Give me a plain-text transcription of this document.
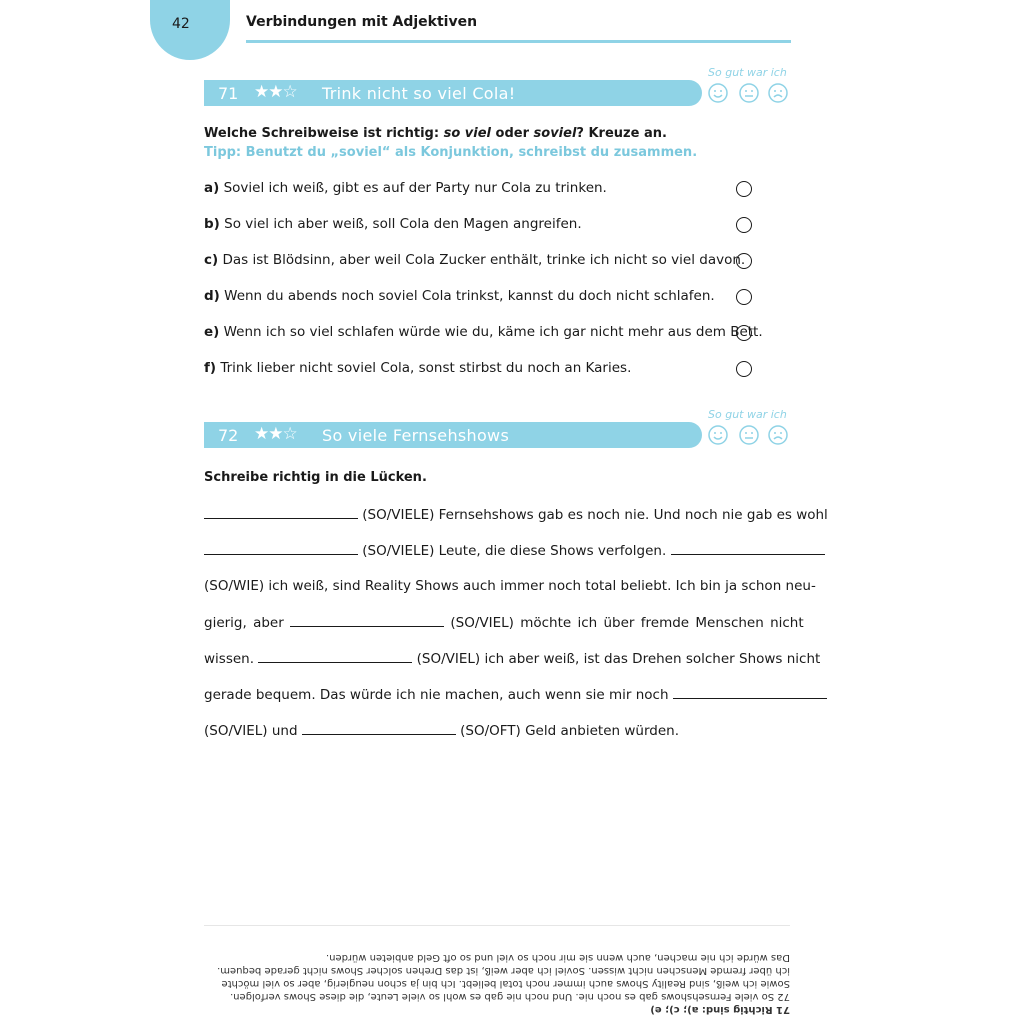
42	Verbindungen mit Adjektiven
So gut war ich
71 ★★☆ Trink nicht so viel Cola!
Welche Schreibweise ist richtig: so viel oder soviel? Kreuze an.
Tipp: Benutzt du „soviel“ als Konjunktion, schreibst du zusammen.
a) Soviel ich weiß, gibt es auf der Party nur Cola zu trinken.
b) So viel ich aber weiß, soll Cola den Magen angreifen.
c) Das ist Blödsinn, aber weil Cola Zucker enthält, trinke ich nicht so viel davon.
d) Wenn du abends noch soviel Cola trinkst, kannst du doch nicht schlafen.
e) Wenn ich so viel schlafen würde wie du, käme ich gar nicht mehr aus dem Bett.
f) Trink lieber nicht soviel Cola, sonst stirbst du noch an Karies.
So gut war ich
72 ★★☆ So viele Fernsehshows
Schreibe richtig in die Lücken.
(SO/VIELE) Fernsehshows gab es noch nie. Und noch nie gab es wohl
(SO/VIELE) Leute, die diese Shows verfolgen.
(SO/WIE) ich weiß, sind Reality Shows auch immer noch total beliebt. Ich bin ja schon neu-
gierig, aber	(SO/VIEL) möchte ich über fremde Menschen nicht
wissen.	(SO/VIEL) ich aber weiß, ist das Drehen solcher Shows nicht
gerade bequem. Das würde ich nie machen, auch wenn sie mir noch
(SO/VIEL) und	(SO/OFT) Geld anbieten würden.

71 Richtig sind: a); c); e)

72 So viele Fernsehshows gab es noch nie. Und noch nie gab es wohl so viele Leute, die diese Shows verfolgen.

Sowie ich weiß, sind Reality Shows auch immer noch total beliebt. Ich bin ja schon neugierig, aber so viel möchte

ich über fremde Menschen nicht wissen. Soviel ich aber weiß, ist das Drehen solcher Shows nicht gerade bequem.

Das würde ich nie machen, auch wenn sie mir noch so viel und so oft Geld anbieten würden.
